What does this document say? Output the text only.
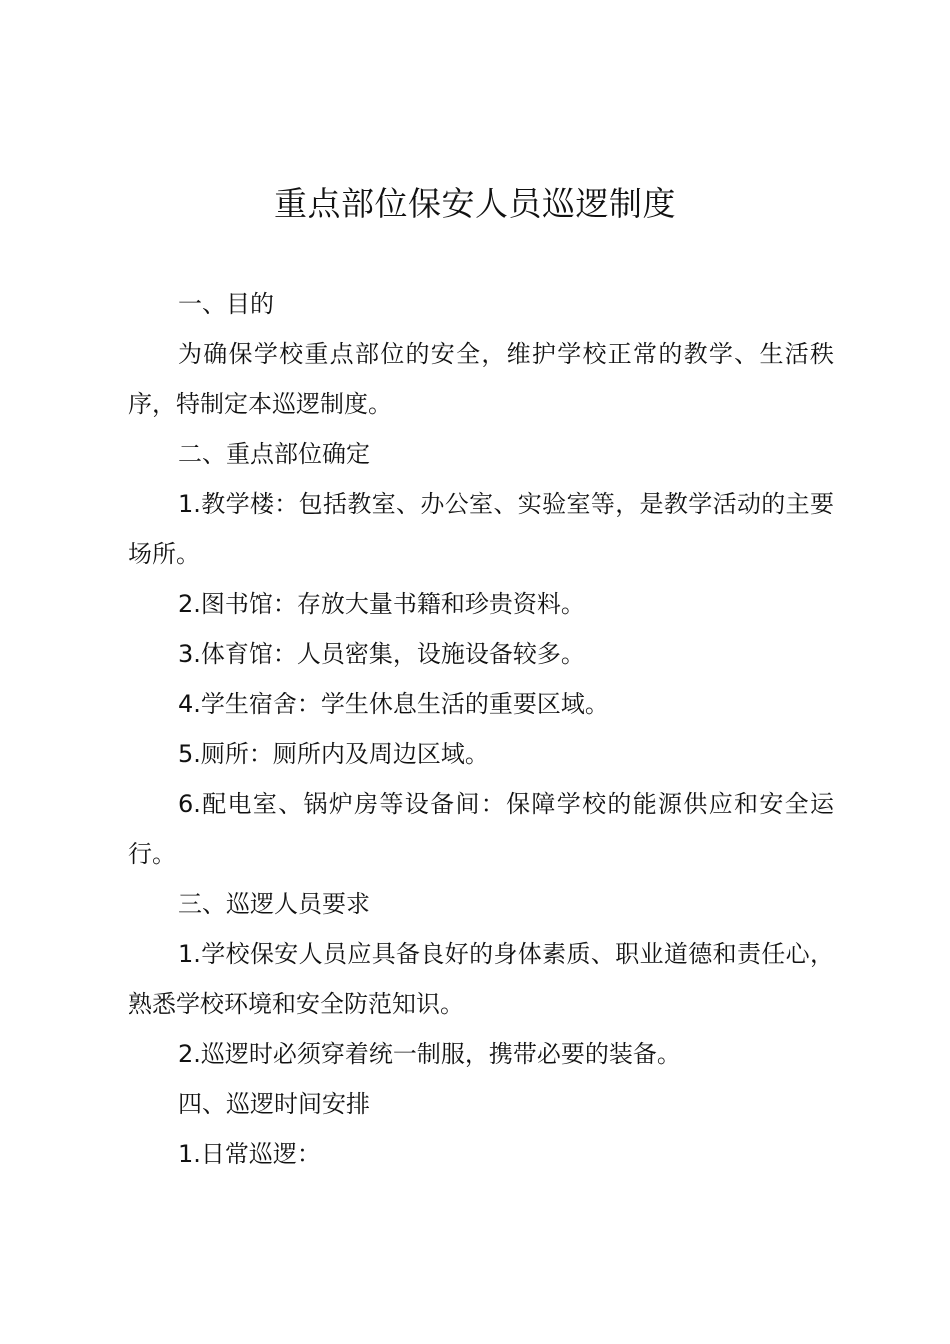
重点部位保安人员巡逻制度

一、目的

为确保学校重点部位的安全，维护学校正常的教学、生活秩序，特制定本巡逻制度。

二、重点部位确定

1.教学楼：包括教室、办公室、实验室等，是教学活动的主要场所。

2.图书馆：存放大量书籍和珍贵资料。

3.体育馆：人员密集，设施设备较多。

4.学生宿舍：学生休息生活的重要区域。

5.厕所：厕所内及周边区域。

6.配电室、锅炉房等设备间：保障学校的能源供应和安全运行。

三、巡逻人员要求

1.学校保安人员应具备良好的身体素质、职业道德和责任心，熟悉学校环境和安全防范知识。

2.巡逻时必须穿着统一制服，携带必要的装备。

四、巡逻时间安排

1.日常巡逻：
